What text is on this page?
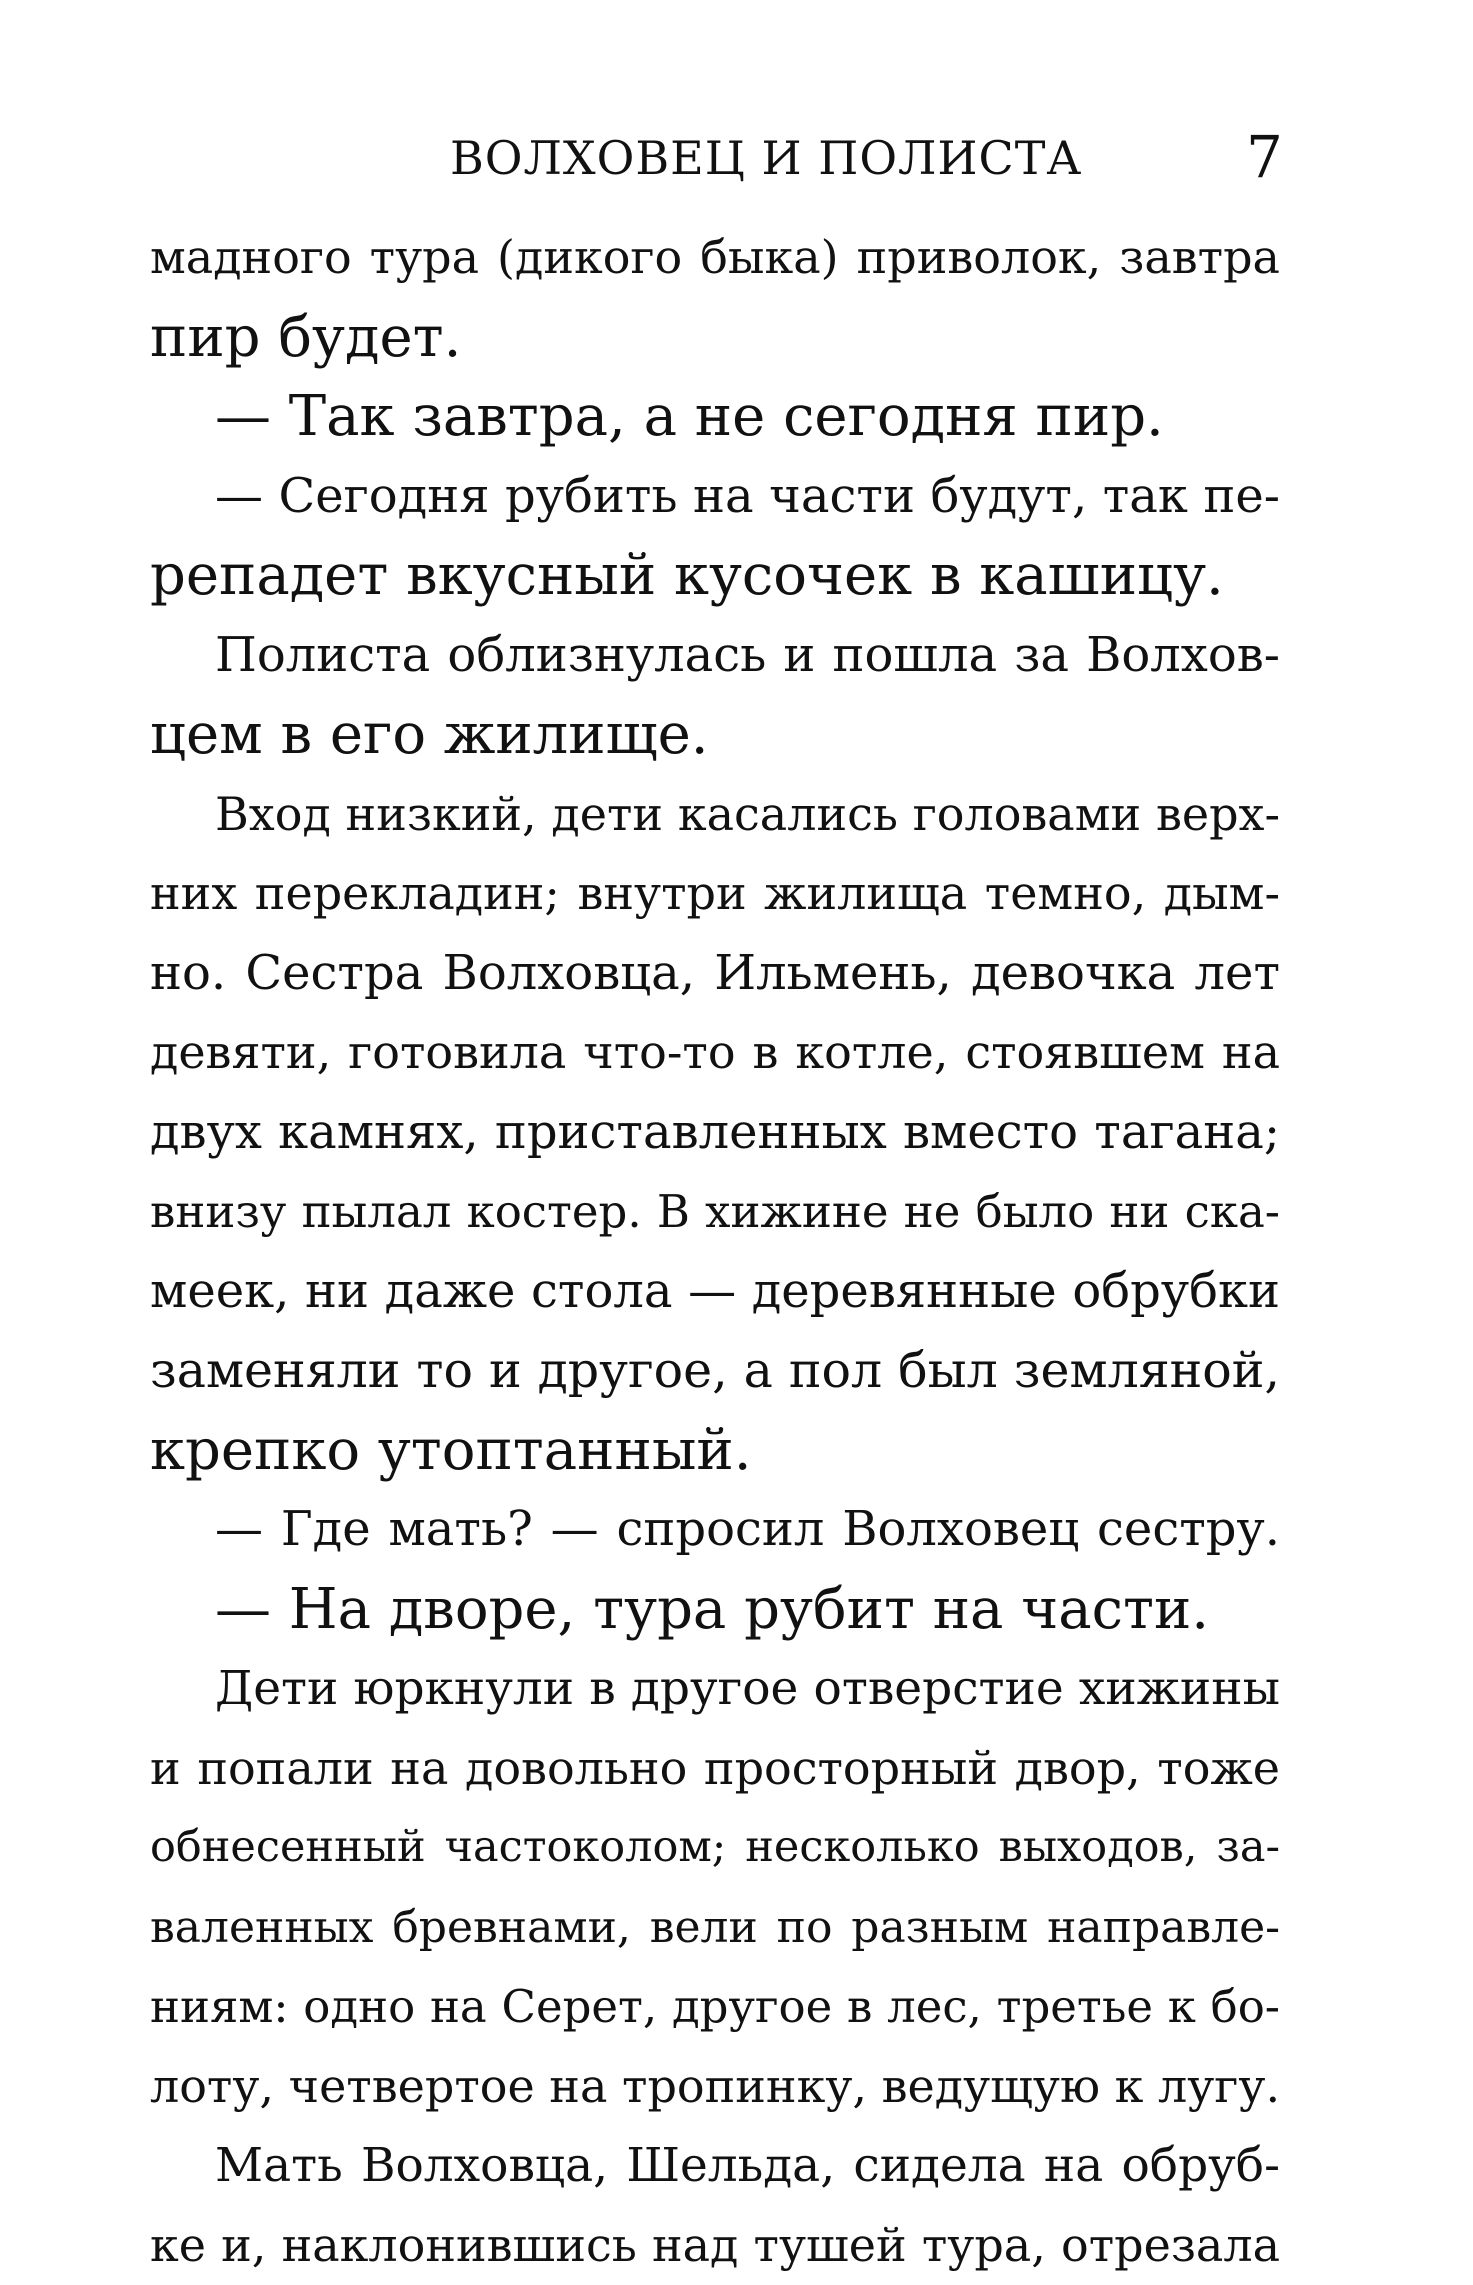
ВОЛХОВЕЦ И ПОЛИСТА	7
мадного тура (дикого быка) приволок, завтра
пир будет.
— Так завтра, а не сегодня пир.
— Сегодня рубить на части будут, так пе-
репадет вкусный кусочек в кашицу.
Полиста облизнулась и пошла за Волхов-
цем в его жилище.
Вход низкий, дети касались головами верх-
них перекладин; внутри жилища темно, дым-
но. Сестра Волховца, Ильмень, девочка лет
девяти, готовила что-то в котле, стоявшем на
двух камнях, приставленных вместо тагана;
внизу пылал костер. В хижине не было ни ска-
меек, ни даже стола — деревянные обрубки
заменяли то и другое, а пол был земляной,
крепко утоптанный.
— Где мать? — спросил Волховец сестру.
— На дворе, тура рубит на части.
Дети юркнули в другое отверстие хижины
и попали на довольно просторный двор, тоже
обнесенный частоколом; несколько выходов, за-
валенных бревнами, вели по разным направле-
ниям: одно на Серет, другое в лес, третье к бо-
лоту, четвертое на тропинку, ведущую к лугу.
Мать Волховца, Шельда, сидела на обруб-
ке и, наклонившись над тушей тура, отрезала
